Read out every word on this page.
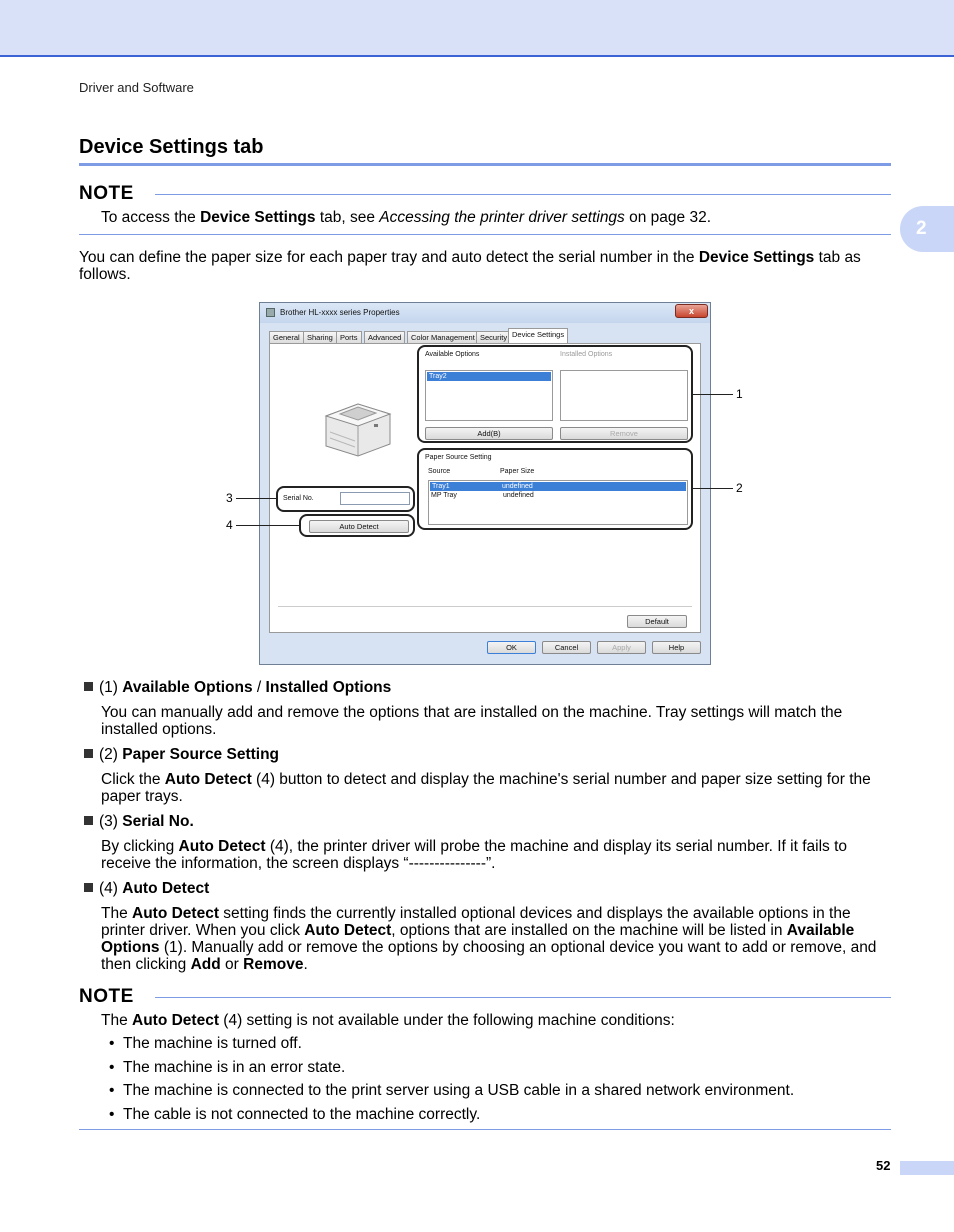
2
Driver and Software
Device Settings tab
NOTE
To access the Device Settings tab, see Accessing the printer driver settings on page 32.
You can define the paper size for each paper tray and auto detect the serial number in the Device Settings tab as follows.
Brother HL-xxxx series Properties	x
General Sharing Ports	Advanced	Color Management Security Device Settings
Available Options	Installed Options
Tray2
Add(B)	Remove
Paper Source Setting
Source	Paper Size
Tray1	undefined
MP Tray	undefined
Serial No.
Auto Detect
Default
OK	Cancel	Apply	Help
1
2
3
4
(1) Available Options / Installed Options
You can manually add and remove the options that are installed on the machine. Tray settings will match the installed options.
(2) Paper Source Setting
Click the Auto Detect (4) button to detect and display the machine's serial number and paper size setting for the paper trays.
(3) Serial No.
By clicking Auto Detect (4), the printer driver will probe the machine and display its serial number. If it fails to receive the information, the screen displays “---------------”.
(4) Auto Detect
The Auto Detect setting finds the currently installed optional devices and displays the available options in the printer driver. When you click Auto Detect, options that are installed on the machine will be listed in Available Options (1). Manually add or remove the options by choosing an optional device you want to add or remove, and then clicking Add or Remove.
NOTE
The Auto Detect (4) setting is not available under the following machine conditions:
• The machine is turned off.
• The machine is in an error state.
• The machine is connected to the print server using a USB cable in a shared network environment.
• The cable is not connected to the machine correctly.
52
